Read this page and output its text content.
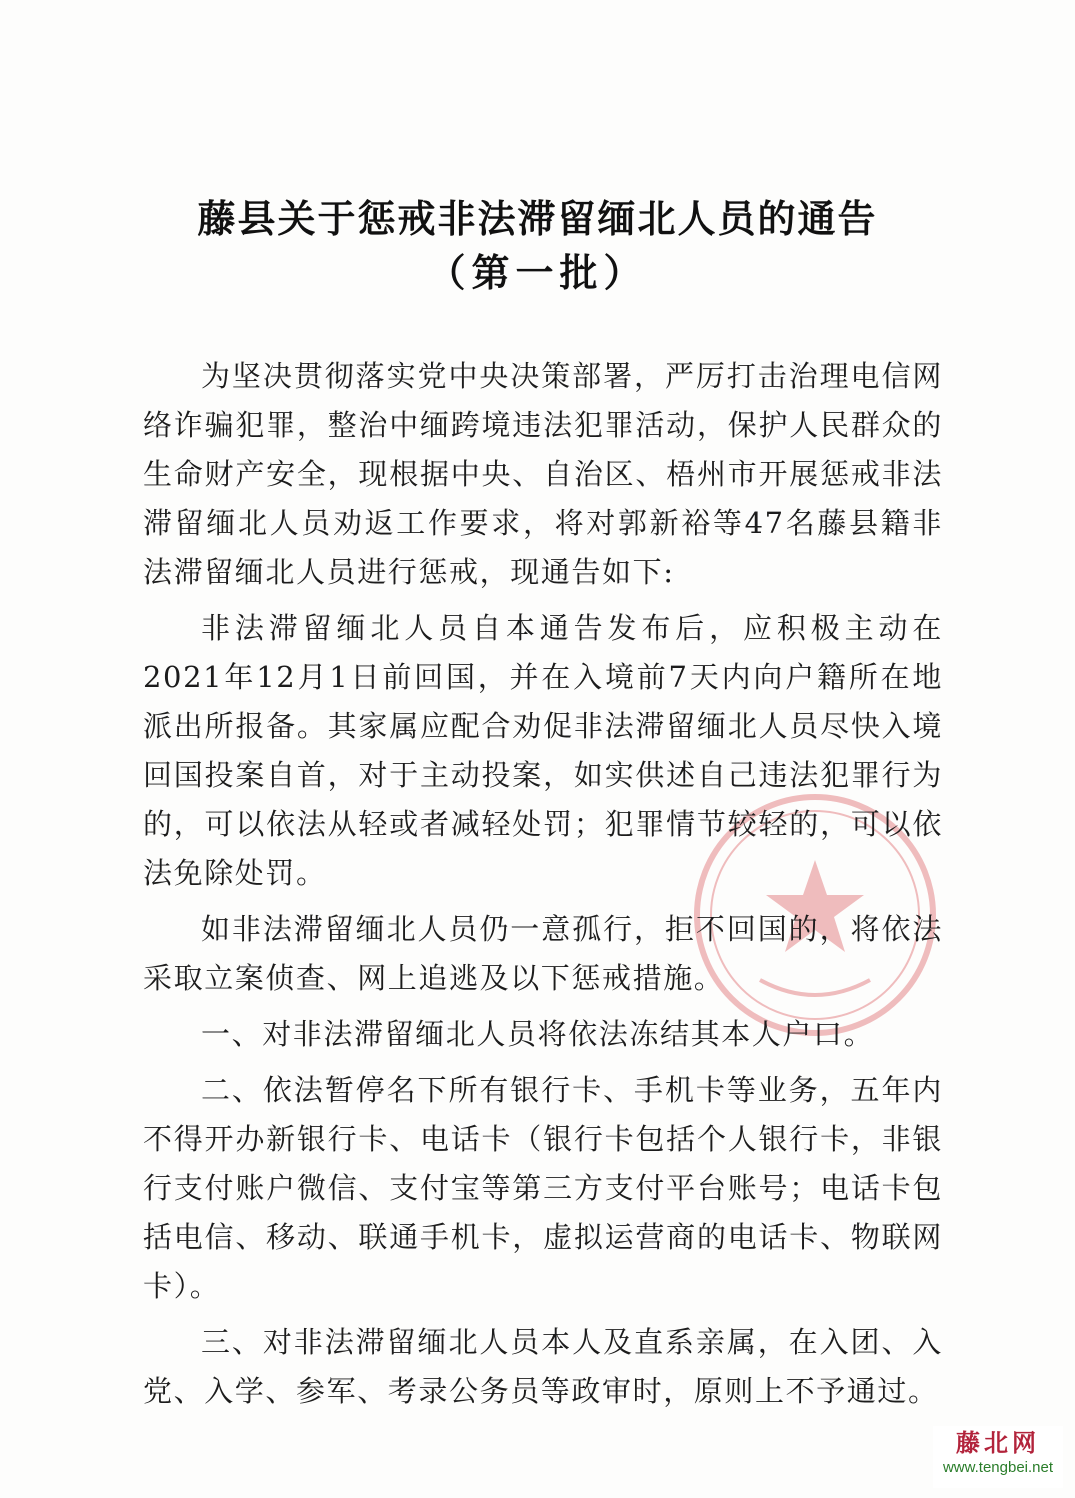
藤县关于惩戒非法滞留缅北人员的通告
（第一批）

为坚决贯彻落实党中央决策部署，严厉打击治理电信网络诈骗犯罪，整治中缅跨境违法犯罪活动，保护人民群众的生命财产安全，现根据中央、自治区、梧州市开展惩戒非法滞留缅北人员劝返工作要求，将对郭新裕等47名藤县籍非法滞留缅北人员进行惩戒，现通告如下:

非法滞留缅北人员自本通告发布后，应积极主动在2021年12月1日前回国，并在入境前7天内向户籍所在地派出所报备。其家属应配合劝促非法滞留缅北人员尽快入境回国投案自首，对于主动投案，如实供述自己违法犯罪行为的，可以依法从轻或者减轻处罚；犯罪情节较轻的，可以依法免除处罚。

如非法滞留缅北人员仍一意孤行，拒不回国的，将依法采取立案侦查、网上追逃及以下惩戒措施。

一、对非法滞留缅北人员将依法冻结其本人户口。

二、依法暂停名下所有银行卡、手机卡等业务，五年内不得开办新银行卡、电话卡（银行卡包括个人银行卡，非银行支付账户微信、支付宝等第三方支付平台账号；电话卡包括电信、移动、联通手机卡，虚拟运营商的电话卡、物联网卡）。

三、对非法滞留缅北人员本人及直系亲属，在入团、入党、入学、参军、考录公务员等政审时，原则上不予通过。

藤北网
www.tengbei.net
